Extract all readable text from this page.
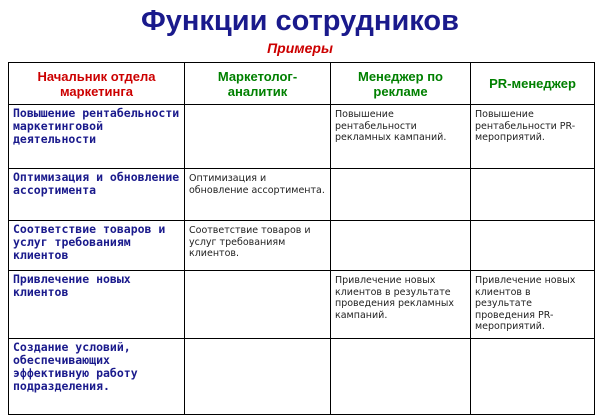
Функции сотрудников
Примеры
Начальник отдела маркетинга	Маркетолог-аналитик	Менеджер по рекламе	PR-менеджер
Повышение рентабельности маркетинговой деятельности		Повышение рентабельности рекламных кампаний.	Повышение рентабельности PR-мероприятий.
Оптимизация и обновление ассортимента	Оптимизация и обновление ассортимента.		
Соответствие товаров и услуг требованиям клиентов	Соответствие товаров и услуг требованиям клиентов.		
Привлечение новых клиентов		Привлечение новых клиентов в результате проведения рекламных кампаний.	Привлечение новых клиентов в результате проведения PR-мероприятий.
Создание условий, обеспечивающих эффективную работу подразделения.			
